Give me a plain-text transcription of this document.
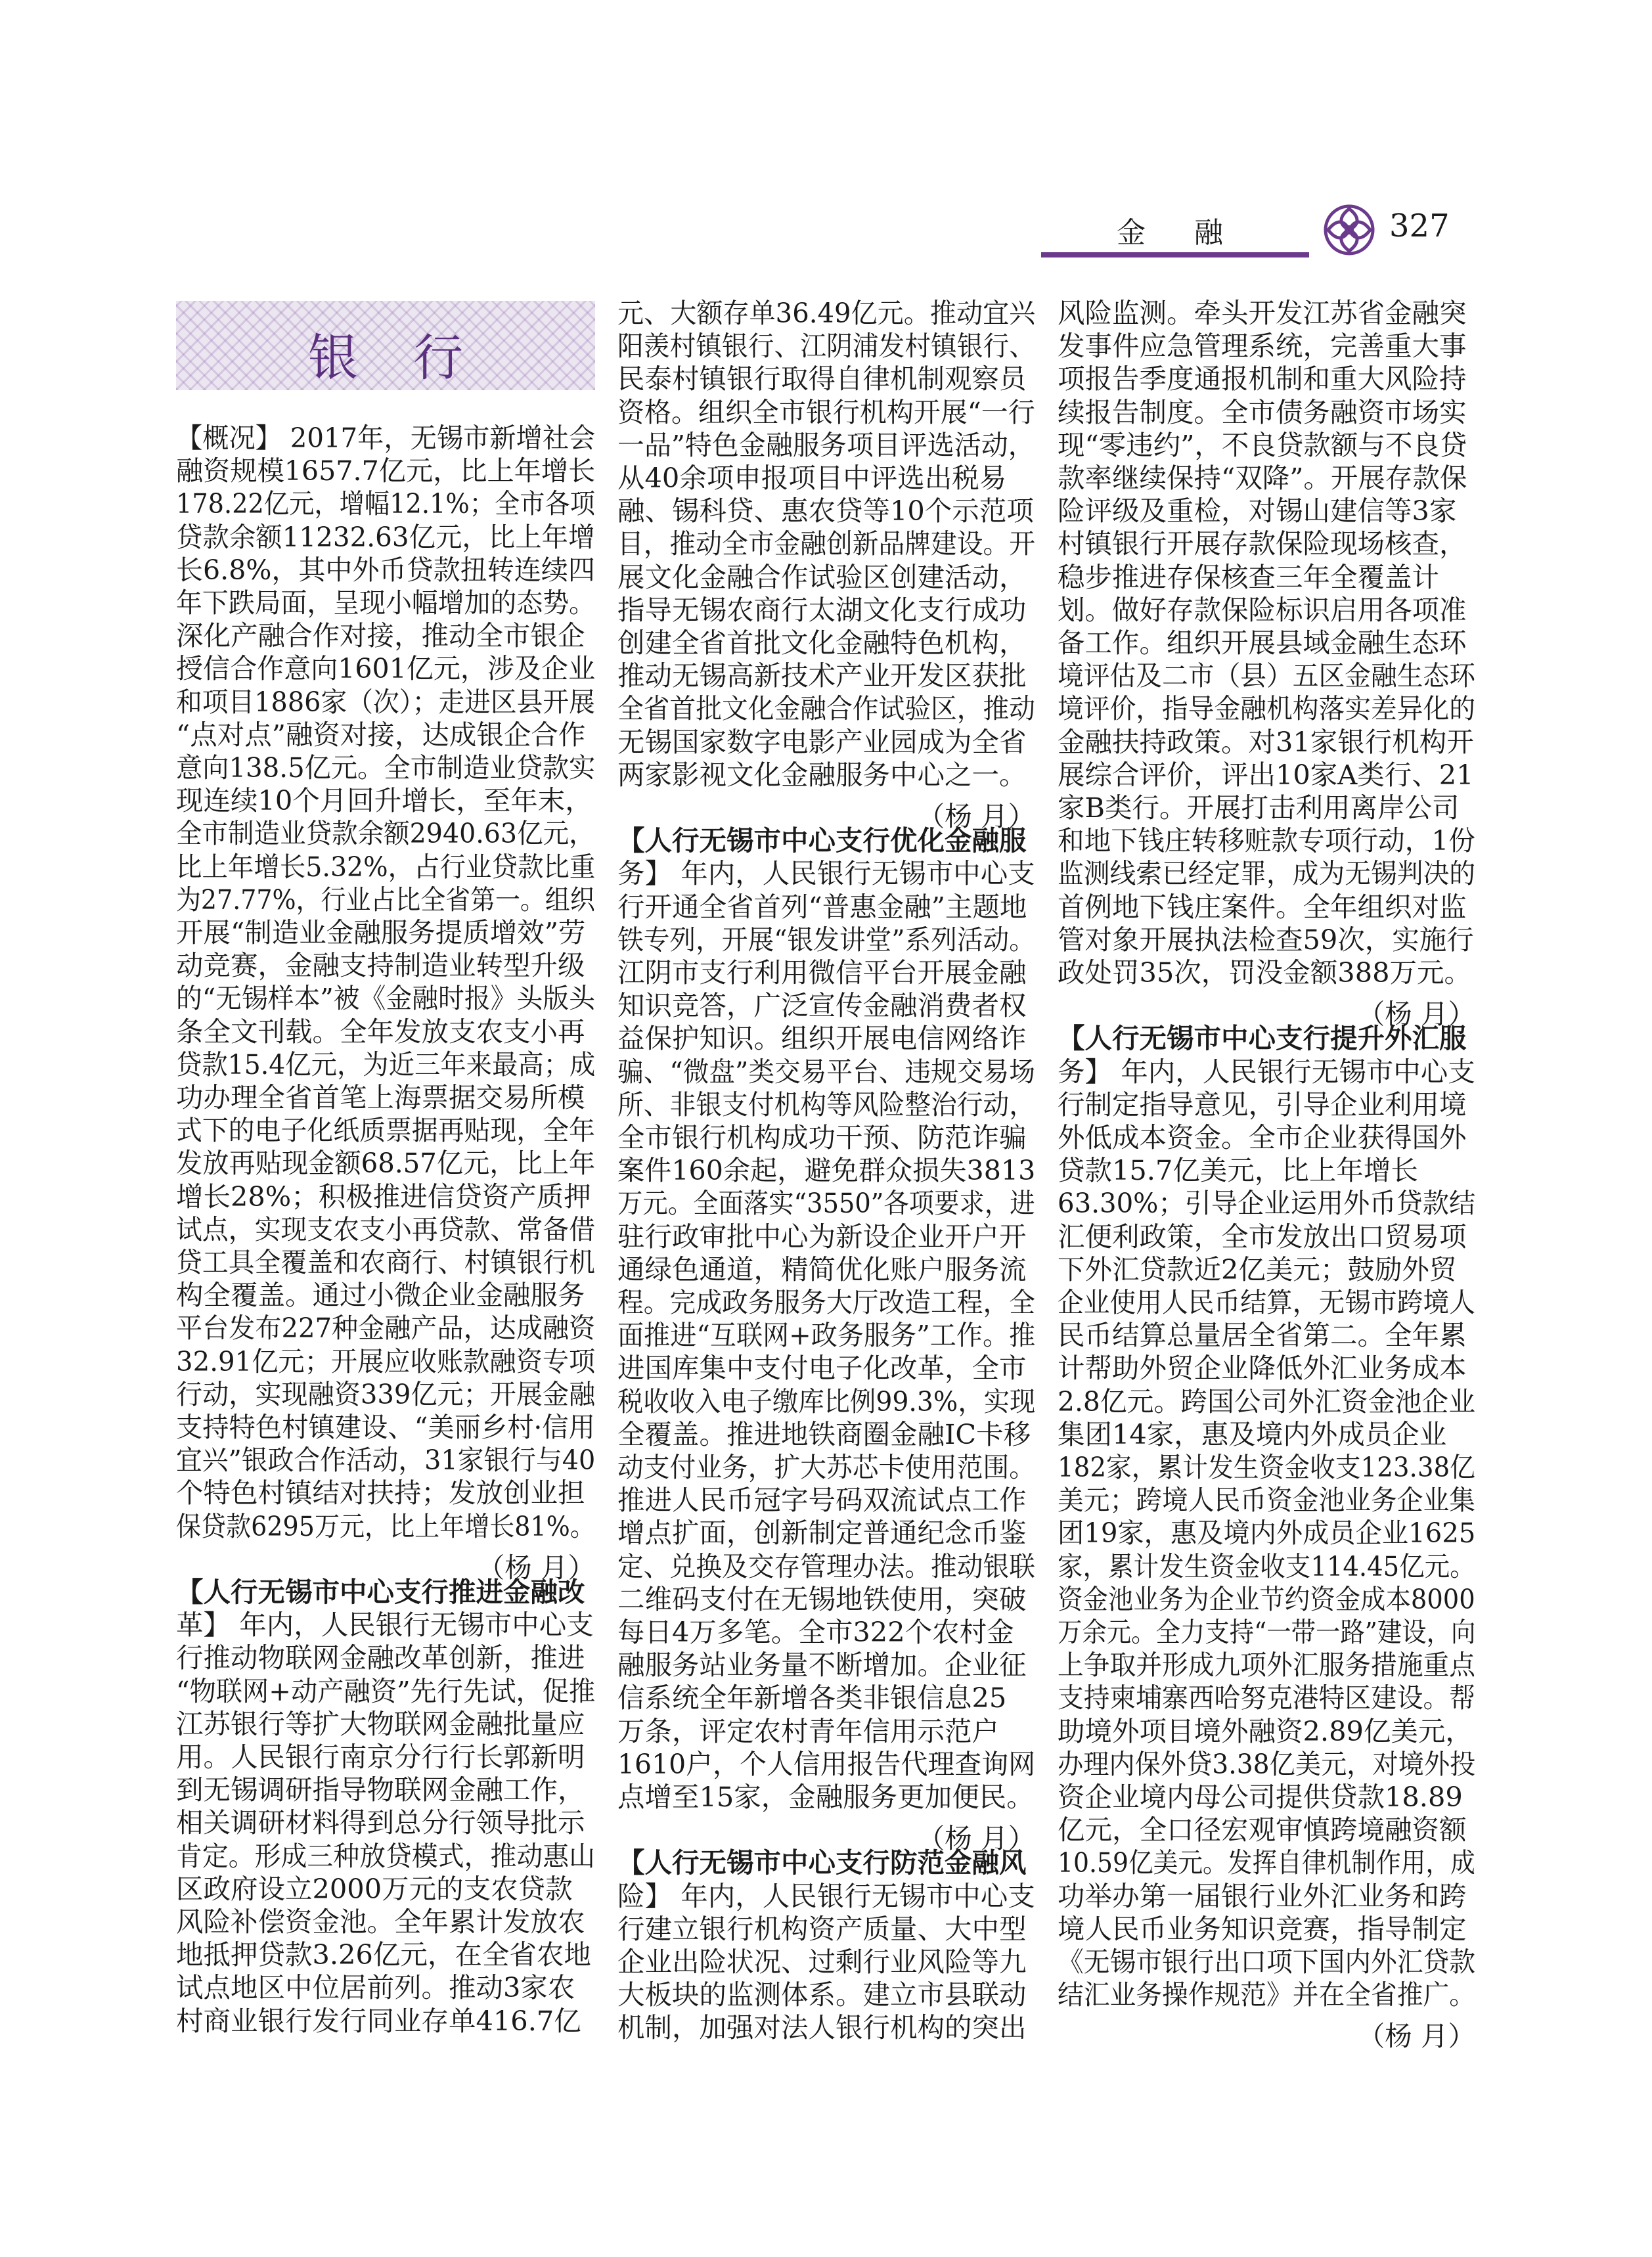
金 融	327
银行
【概况】 2017年，无锡市新增社会
融资规模1657.7亿元，比上年增长
178.22亿元，增幅12.1%；全市各项
贷款余额11232.63亿元，比上年增
长6.8%，其中外币贷款扭转连续四
年下跌局面，呈现小幅增加的态势。
深化产融合作对接，推动全市银企
授信合作意向1601亿元，涉及企业
和项目1886家（次）；走进区县开展
“点对点”融资对接，达成银企合作
意向138.5亿元。全市制造业贷款实
现连续10个月回升增长，至年末，
全市制造业贷款余额2940.63亿元，
比上年增长5.32%，占行业贷款比重
为27.77%，行业占比全省第一。组织
开展“制造业金融服务提质增效”劳
动竞赛，金融支持制造业转型升级
的“无锡样本”被《金融时报》头版头
条全文刊载。全年发放支农支小再
贷款15.4亿元，为近三年来最高；成
功办理全省首笔上海票据交易所模
式下的电子化纸质票据再贴现，全年
发放再贴现金额68.57亿元，比上年
增长28%；积极推进信贷资产质押
试点，实现支农支小再贷款、常备借
贷工具全覆盖和农商行、村镇银行机
构全覆盖。通过小微企业金融服务
平台发布227种金融产品，达成融资
32.91亿元；开展应收账款融资专项
行动，实现融资339亿元；开展金融
支持特色村镇建设、“美丽乡村·信用
宜兴”银政合作活动，31家银行与40
个特色村镇结对扶持；发放创业担
保贷款6295万元，比上年增长81%。
（杨 月）
【人行无锡市中心支行推进金融改
革】 年内，人民银行无锡市中心支
行推动物联网金融改革创新，推进
“物联网+动产融资”先行先试，促推
江苏银行等扩大物联网金融批量应
用。人民银行南京分行行长郭新明
到无锡调研指导物联网金融工作，
相关调研材料得到总分行领导批示
肯定。形成三种放贷模式，推动惠山
区政府设立2000万元的支农贷款
风险补偿资金池。全年累计发放农
地抵押贷款3.26亿元，在全省农地
试点地区中位居前列。推动3家农
村商业银行发行同业存单416.7亿
元、大额存单36.49亿元。推动宜兴
阳羡村镇银行、江阴浦发村镇银行、
民泰村镇银行取得自律机制观察员
资格。组织全市银行机构开展“一行
一品”特色金融服务项目评选活动，
从40余项申报项目中评选出税易
融、锡科贷、惠农贷等10个示范项
目，推动全市金融创新品牌建设。开
展文化金融合作试验区创建活动，
指导无锡农商行太湖文化支行成功
创建全省首批文化金融特色机构，
推动无锡高新技术产业开发区获批
全省首批文化金融合作试验区，推动
无锡国家数字电影产业园成为全省
两家影视文化金融服务中心之一。
（杨 月）
【人行无锡市中心支行优化金融服
务】 年内，人民银行无锡市中心支
行开通全省首列“普惠金融”主题地
铁专列，开展“银发讲堂”系列活动。
江阴市支行利用微信平台开展金融
知识竞答，广泛宣传金融消费者权
益保护知识。组织开展电信网络诈
骗、“微盘”类交易平台、违规交易场
所、非银支付机构等风险整治行动，
全市银行机构成功干预、防范诈骗
案件160余起，避免群众损失3813
万元。全面落实“3550”各项要求，进
驻行政审批中心为新设企业开户开
通绿色通道，精简优化账户服务流
程。完成政务服务大厅改造工程，全
面推进“互联网+政务服务”工作。推
进国库集中支付电子化改革，全市
税收收入电子缴库比例99.3%，实现
全覆盖。推进地铁商圈金融IC卡移
动支付业务，扩大苏芯卡使用范围。
推进人民币冠字号码双流试点工作
增点扩面，创新制定普通纪念币鉴
定、兑换及交存管理办法。推动银联
二维码支付在无锡地铁使用，突破
每日4万多笔。全市322个农村金
融服务站业务量不断增加。企业征
信系统全年新增各类非银信息25
万条，评定农村青年信用示范户
1610户，个人信用报告代理查询网
点增至15家，金融服务更加便民。
（杨 月）
【人行无锡市中心支行防范金融风
险】 年内，人民银行无锡市中心支
行建立银行机构资产质量、大中型
企业出险状况、过剩行业风险等九
大板块的监测体系。建立市县联动
机制，加强对法人银行机构的突出
风险监测。牵头开发江苏省金融突
发事件应急管理系统，完善重大事
项报告季度通报机制和重大风险持
续报告制度。全市债务融资市场实
现“零违约”，不良贷款额与不良贷
款率继续保持“双降”。开展存款保
险评级及重检，对锡山建信等3家
村镇银行开展存款保险现场核查，
稳步推进存保核查三年全覆盖计
划。做好存款保险标识启用各项准
备工作。组织开展县域金融生态环
境评估及二市（县）五区金融生态环
境评价，指导金融机构落实差异化的
金融扶持政策。对31家银行机构开
展综合评价，评出10家A类行、21
家B类行。开展打击利用离岸公司
和地下钱庄转移赃款专项行动，1份
监测线索已经定罪，成为无锡判决的
首例地下钱庄案件。全年组织对监
管对象开展执法检查59次，实施行
政处罚35次，罚没金额388万元。
（杨 月）
【人行无锡市中心支行提升外汇服
务】 年内，人民银行无锡市中心支
行制定指导意见，引导企业利用境
外低成本资金。全市企业获得国外
贷款15.7亿美元，比上年增长
63.30%；引导企业运用外币贷款结
汇便利政策，全市发放出口贸易项
下外汇贷款近2亿美元；鼓励外贸
企业使用人民币结算，无锡市跨境人
民币结算总量居全省第二。全年累
计帮助外贸企业降低外汇业务成本
2.8亿元。跨国公司外汇资金池企业
集团14家，惠及境内外成员企业
182家，累计发生资金收支123.38亿
美元；跨境人民币资金池业务企业集
团19家，惠及境内外成员企业1625
家，累计发生资金收支114.45亿元。
资金池业务为企业节约资金成本8000
万余元。全力支持“一带一路”建设，向
上争取并形成九项外汇服务措施重点
支持柬埔寨西哈努克港特区建设。帮
助境外项目境外融资2.89亿美元，
办理内保外贷3.38亿美元，对境外投
资企业境内母公司提供贷款18.89
亿元，全口径宏观审慎跨境融资额
10.59亿美元。发挥自律机制作用，成
功举办第一届银行业外汇业务和跨
境人民币业务知识竞赛，指导制定
《无锡市银行出口项下国内外汇贷款
结汇业务操作规范》并在全省推广。
（杨 月）
